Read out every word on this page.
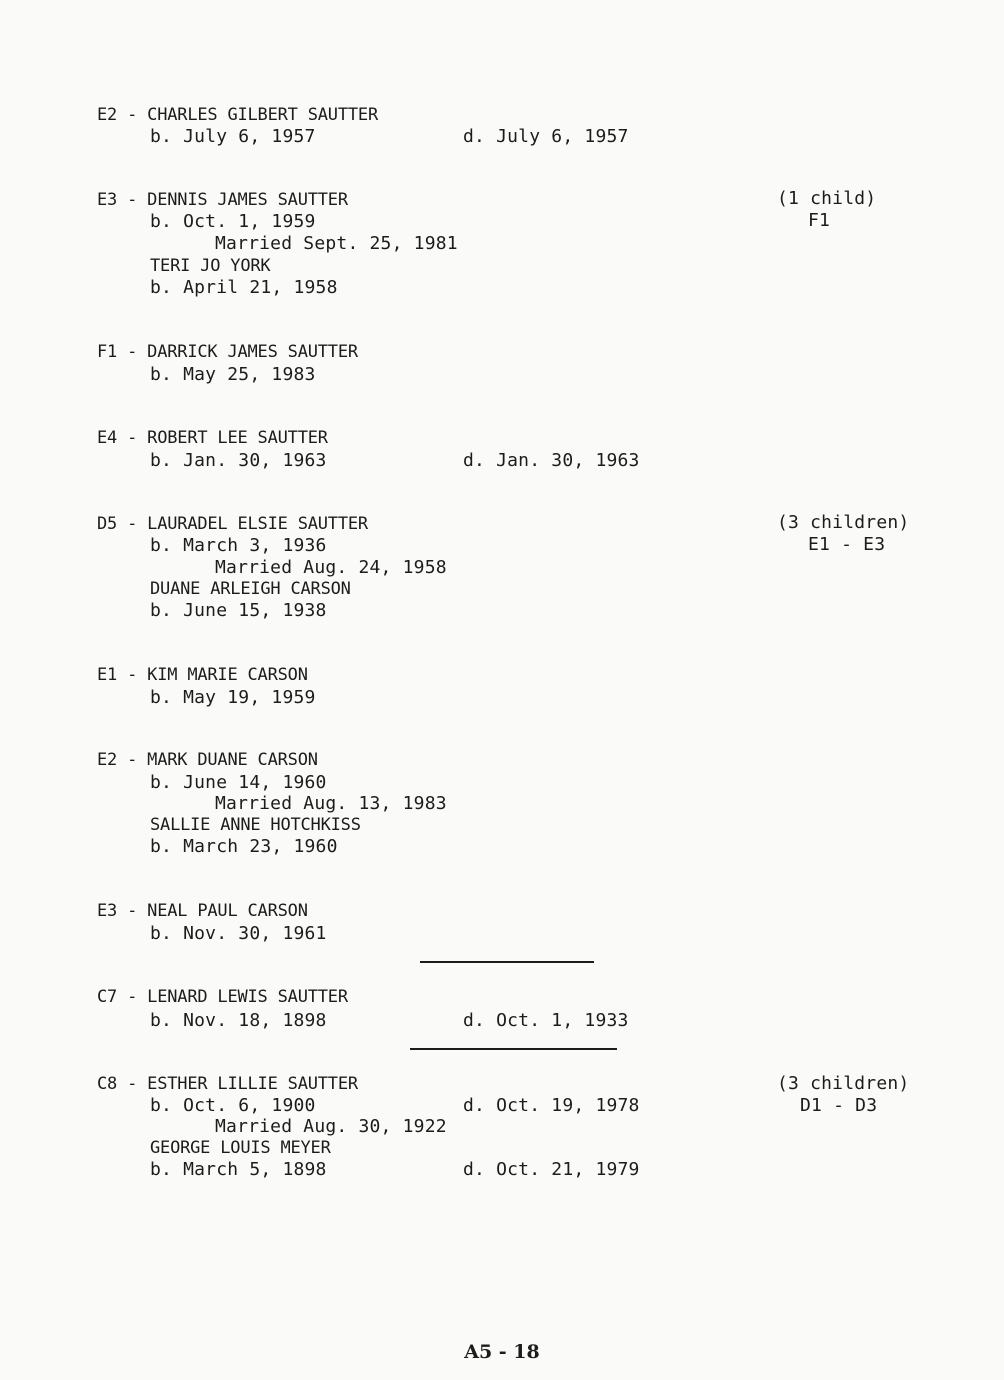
E2 - CHARLES GILBERT SAUTTER
b. July 6, 1957	d. July 6, 1957
E3 - DENNIS JAMES SAUTTER
b. Oct. 1, 1959
Married Sept. 25, 1981
TERI JO YORK
b. April 21, 1958
(1 child)
F1
F1 - DARRICK JAMES SAUTTER
b. May 25, 1983
E4 - ROBERT LEE SAUTTER
b. Jan. 30, 1963	d. Jan. 30, 1963
D5 - LAURADEL ELSIE SAUTTER
b. March 3, 1936
Married Aug. 24, 1958
DUANE ARLEIGH CARSON
b. June 15, 1938
(3 children)
E1 - E3
E1 - KIM MARIE CARSON
b. May 19, 1959
E2 - MARK DUANE CARSON
b. June 14, 1960
Married Aug. 13, 1983
SALLIE ANNE HOTCHKISS
b. March 23, 1960
E3 - NEAL PAUL CARSON
b. Nov. 30, 1961
C7 - LENARD LEWIS SAUTTER
b. Nov. 18, 1898	d. Oct. 1, 1933
C8 - ESTHER LILLIE SAUTTER
b. Oct. 6, 1900	d. Oct. 19, 1978
Married Aug. 30, 1922
GEORGE LOUIS MEYER
b. March 5, 1898	d. Oct. 21, 1979
(3 children)
D1 - D3
A5 - 18
